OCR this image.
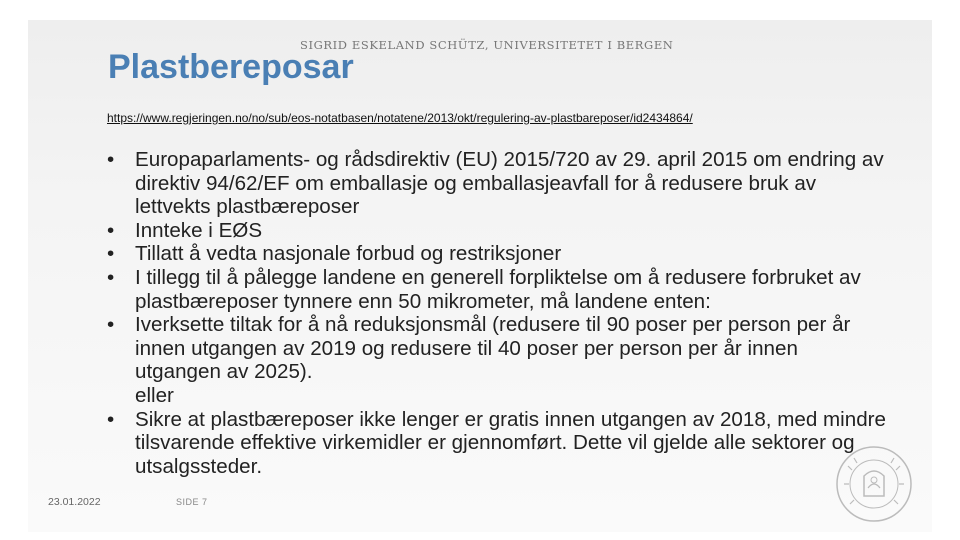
SIGRID ESKELAND SCHÜTZ, UNIVERSITETET I BERGEN
Plastbereposar
https://www.regjeringen.no/no/sub/eos-notatbasen/notatene/2013/okt/regulering-av-plastbareposer/id2434864/
• Europaparlaments- og rådsdirektiv (EU) 2015/720 av 29. april 2015 om endring av direktiv 94/62/EF om emballasje og emballasjeavfall for å redusere bruk av lettvekts plastbæreposer
• Innteke i EØS
• Tillatt å vedta nasjonale forbud og restriksjoner
• I tillegg til å pålegge landene en generell forpliktelse om å redusere forbruket av plastbæreposer tynnere enn 50 mikrometer, må landene enten:
• Iverksette tiltak for å nå reduksjonsmål (redusere til 90 poser per person per år innen utgangen av 2019 og redusere til 40 poser per person per år innen utgangen av 2025).
eller
• Sikre at plastbæreposer ikke lenger er gratis innen utgangen av 2018, med mindre tilsvarende effektive virkemidler er gjennomført. Dette vil gjelde alle sektorer og utsalgssteder.
23.01.2022	SIDE 7
